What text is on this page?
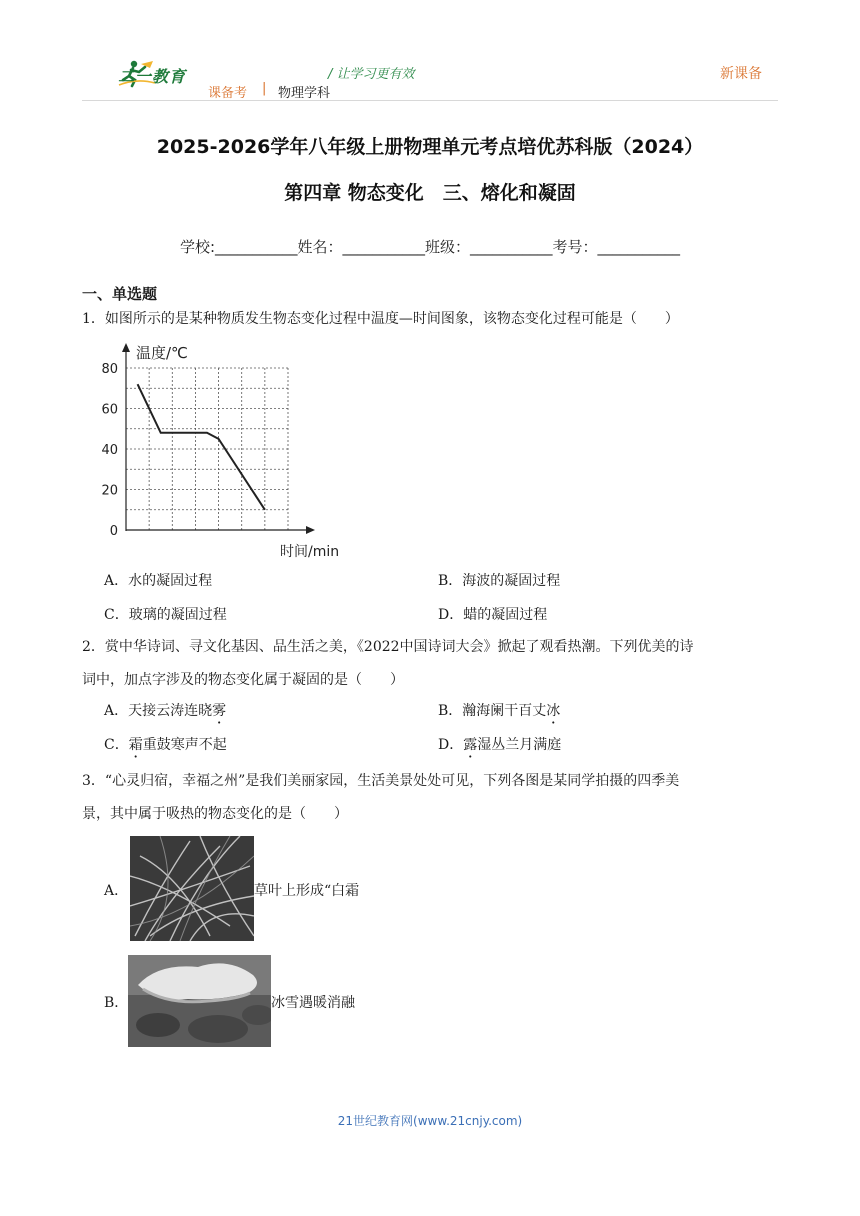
二一教育	/ 让学习更有效
课备考 | 物理学科
新课备
2025-2026学年八年级上册物理单元考点培优苏科版（2024）
第四章 物态变化　三、熔化和凝固
学校:___________姓名：___________班级：___________考号：___________
一、单选题
1．如图所示的是某种物质发生物态变化过程中温度—时间图象，该物态变化过程可能是（　　）
0
20
40
60
80
温度/℃
时间/min
A．水的凝固过程	B．海波的凝固过程
C．玻璃的凝固过程	D．蜡的凝固过程
2．赏中华诗词、寻文化基因、品生活之美，《2022中国诗词大会》掀起了观看热潮。下列优美的诗
词中，加点字涉及的物态变化属于凝固的是（　　）
A．天接云涛连晓雾	B．瀚海阑干百丈冰
C．霜重鼓寒声不起	D．露湿丛兰月满庭
3．“心灵归宿，幸福之州”是我们美丽家园，生活美景处处可见，下列各图是某同学拍摄的四季美
景，其中属于吸热的物态变化的是（　　）
A．	草叶上形成“白霜
B．	冰雪遇暖消融
21世纪教育网(www.21cnjy.com)
